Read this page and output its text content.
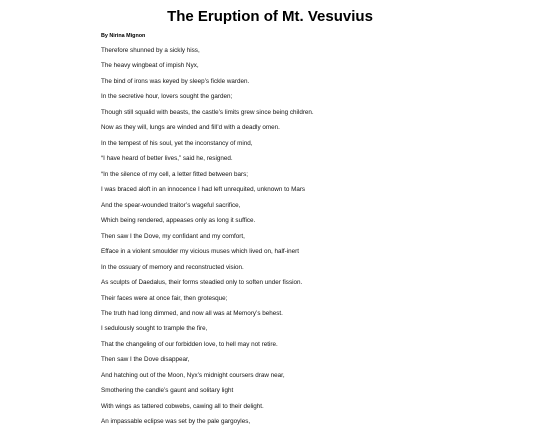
The Eruption of Mt. Vesuvius
By Nirina Mignon
Therefore shunned by a sickly hiss,
The heavy wingbeat of impish Nyx,
The bind of irons was keyed by sleep’s fickle warden.
In the secretive hour, lovers sought the garden;
Though still squalid with beasts, the castle’s limits grew since being children.
Now as they will, lungs are winded and fill’d with a deadly omen.
In the tempest of his soul, yet the inconstancy of mind,
“I have heard of better lives,” said he, resigned.
“In the silence of my cell, a letter fitted between bars;
I was braced aloft in an innocence I had left unrequited, unknown to Mars
And the spear-wounded traitor’s wageful sacrifice,
Which being rendered, appeases only as long it suffice.
Then saw I the Dove, my confidant and my comfort,
Efface in a violent smoulder my vicious muses which lived on, half-inert
In the ossuary of memory and reconstructed vision.
As sculpts of Daedalus, their forms steadied only to soften under fission.
Their faces were at once fair, then grotesque;
The truth had long dimmed, and now all was at Memory’s behest.
I sedulously sought to trample the fire,
That the changeling of our forbidden love, to hell may not retire.
Then saw I the Dove disappear,
And hatching out of the Moon, Nyx’s midnight coursers draw near,
Smothering the candle’s gaunt and solitary light
With wings as tattered cobwebs, cawing all to their delight.
An impassable eclipse was set by the pale gargoyles,
